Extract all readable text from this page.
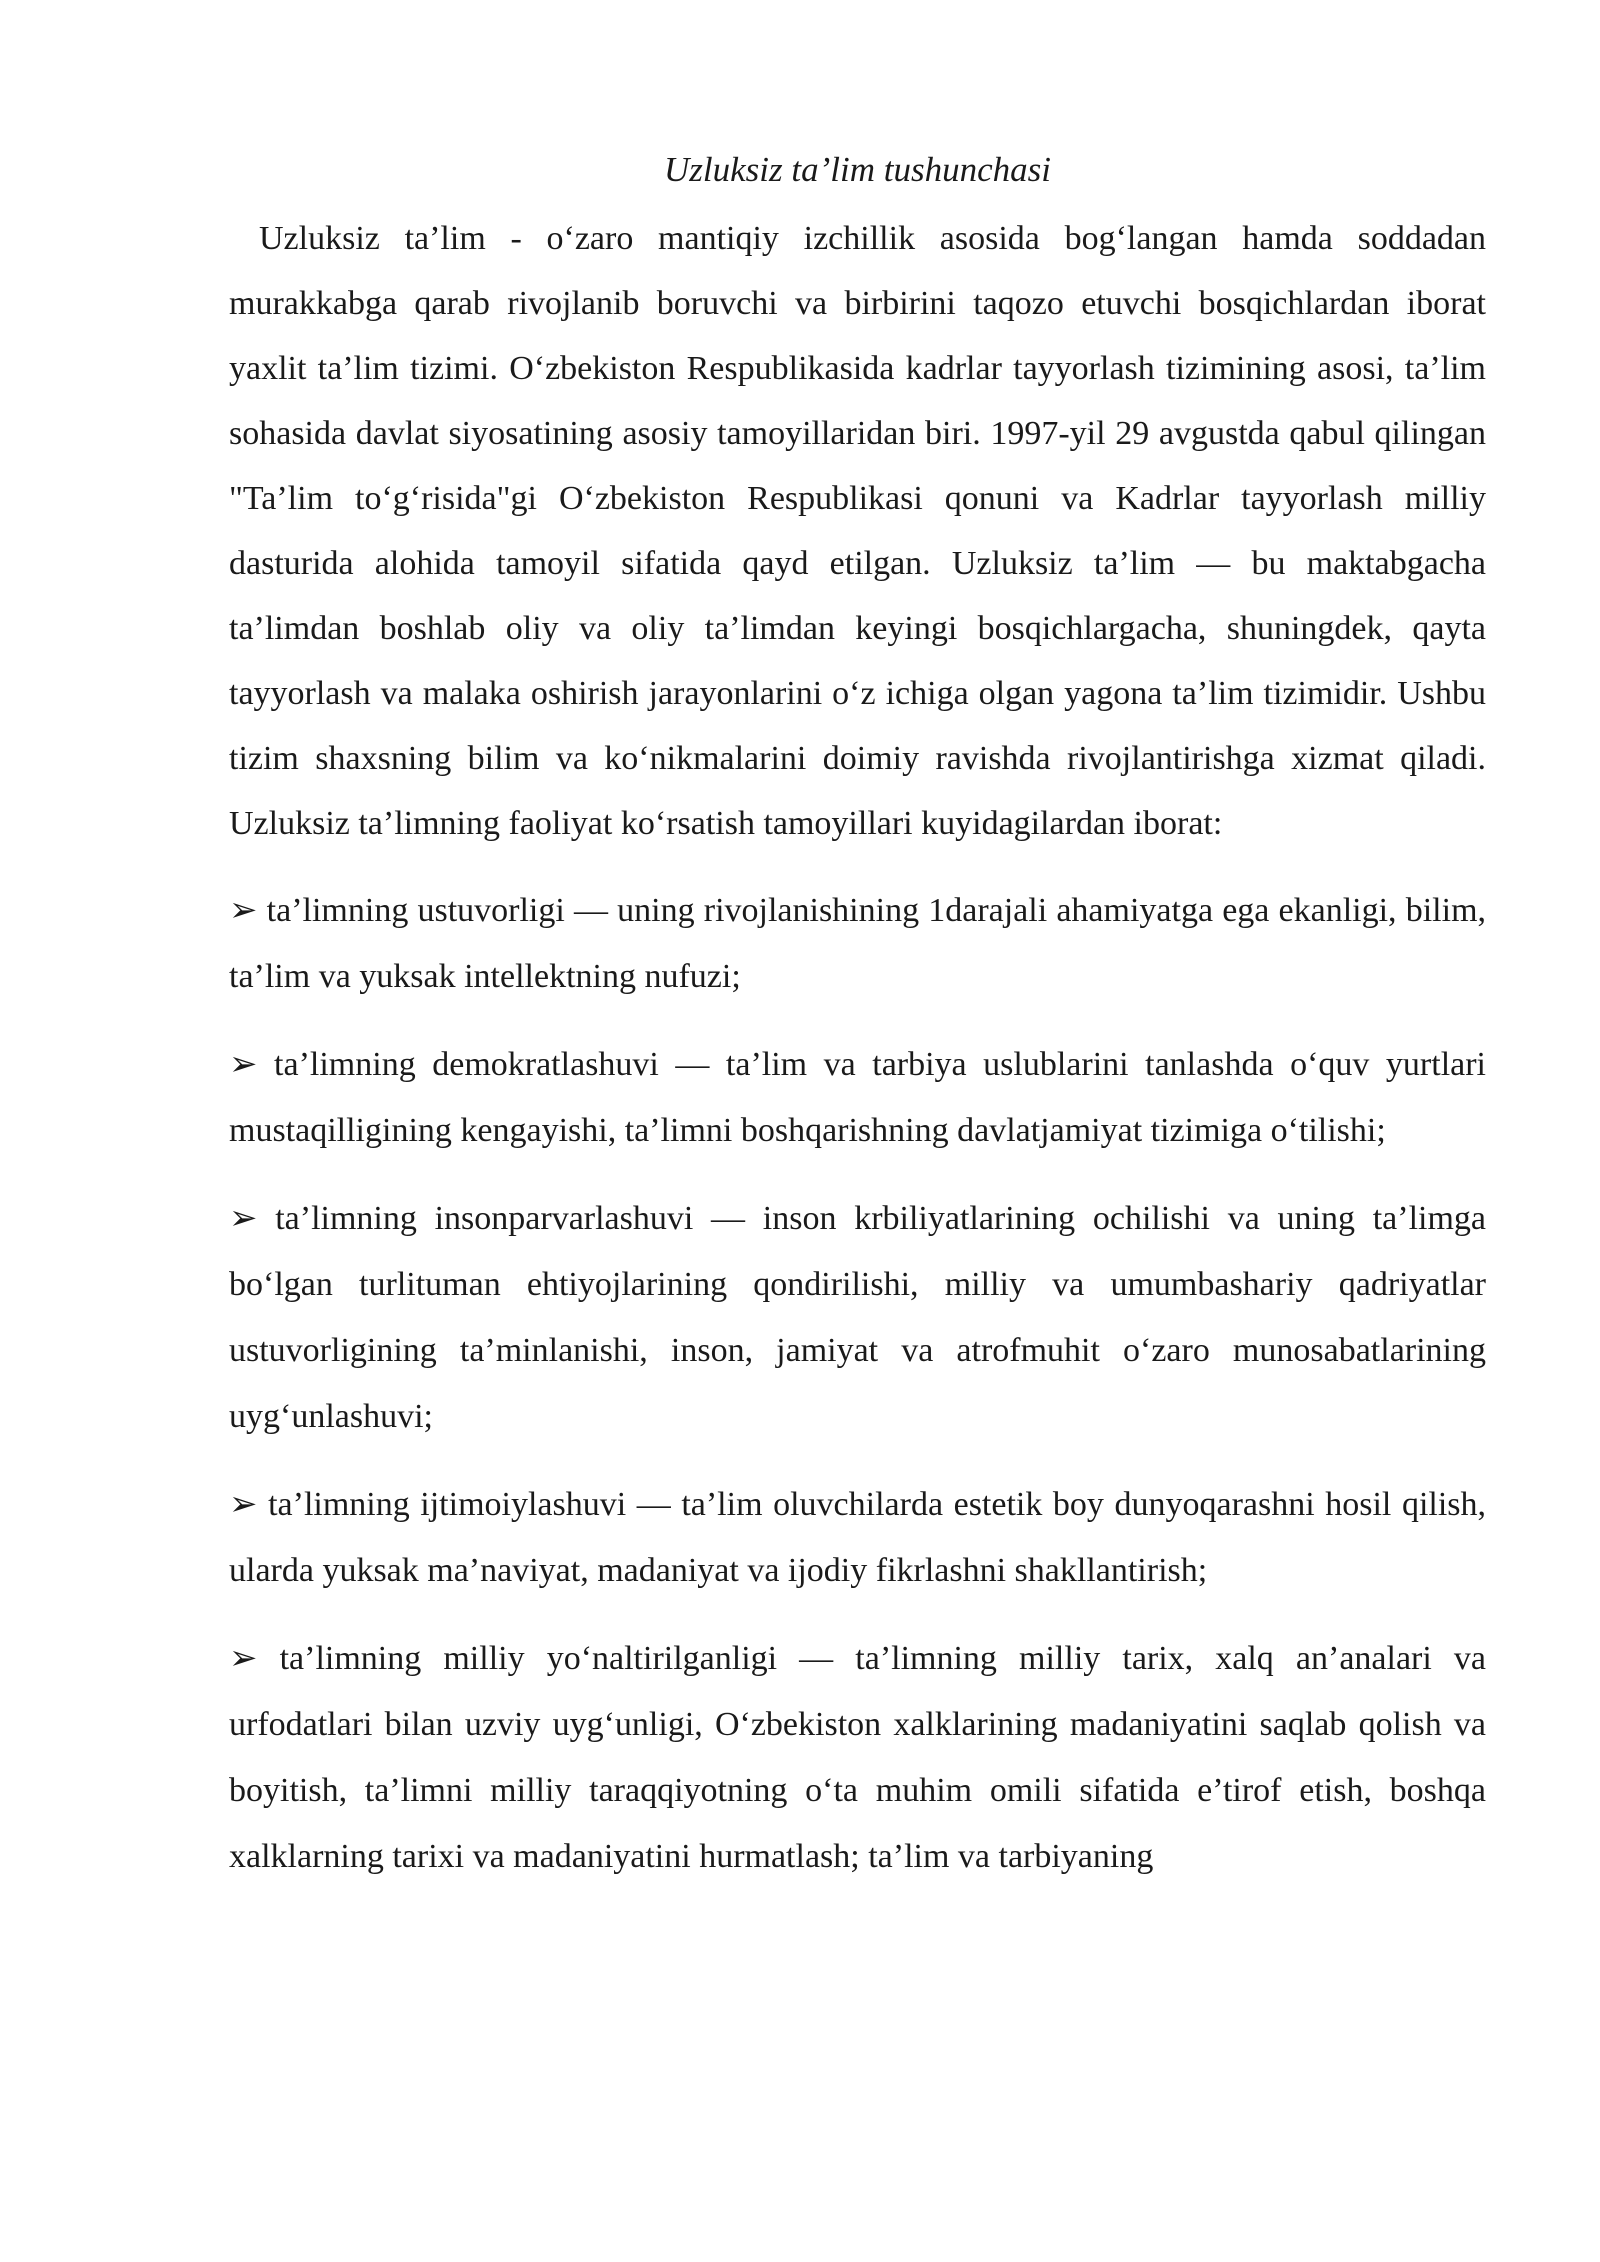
Uzluksiz ta’lim tushunchasi

Uzluksiz ta’lim - o‘zaro mantiqiy izchillik asosida bog‘langan hamda soddadan murakkabga qarab rivojlanib boruvchi va birbirini taqozo etuvchi bosqichlardan iborat yaxlit ta’lim tizimi. O‘zbekiston Respublikasida kadrlar tayyorlash tizimining asosi, ta’lim sohasida davlat siyosatining asosiy tamoyillaridan biri. 1997-yil 29 avgustda qabul qilingan "Ta’lim to‘g‘risida"gi O‘zbekiston Respublikasi qonuni va Kadrlar tayyorlash milliy dasturida alohida tamoyil sifatida qayd etilgan. Uzluksiz ta’lim — bu maktabgacha ta’limdan boshlab oliy va oliy ta’limdan keyingi bosqichlargacha, shuningdek, qayta tayyorlash va malaka oshirish jarayonlarini o‘z ichiga olgan yagona ta’lim tizimidir. Ushbu tizim shaxsning bilim va ko‘nikmalarini doimiy ravishda rivojlantirishga xizmat qiladi. Uzluksiz ta’limning faoliyat ko‘rsatish tamoyillari kuyidagilardan iborat:

➢ ta’limning ustuvorligi — uning rivojlanishining 1darajali ahamiyatga ega ekanligi, bilim, ta’lim va yuksak intellektning nufuzi;

➢ ta’limning demokratlashuvi — ta’lim va tarbiya uslublarini tanlashda o‘quv yurtlari mustaqilligining kengayishi, ta’limni boshqarishning davlatjamiyat tizimiga o‘tilishi;

➢ ta’limning insonparvarlashuvi — inson krbiliyatlarining ochilishi va uning ta’limga bo‘lgan turlituman ehtiyojlarining qondirilishi, milliy va umumbashariy qadriyatlar ustuvorligining ta’minlanishi, inson, jamiyat va atrofmuhit o‘zaro munosabatlarining uyg‘unlashuvi;

➢ ta’limning ijtimoiylashuvi — ta’lim oluvchilarda estetik boy dunyoqarashni hosil qilish, ularda yuksak ma’naviyat, madaniyat va ijodiy fikrlashni shakllantirish;

➢ ta’limning milliy yo‘naltirilganligi — ta’limning milliy tarix, xalq an’analari va urfodatlari bilan uzviy uyg‘unligi, O‘zbekiston xalklarining madaniyatini saqlab qolish va boyitish, ta’limni milliy taraqqiyotning o‘ta muhim omili sifatida e’tirof etish, boshqa xalklarning tarixi va madaniyatini hurmatlash; ta’lim va tarbiyaning
